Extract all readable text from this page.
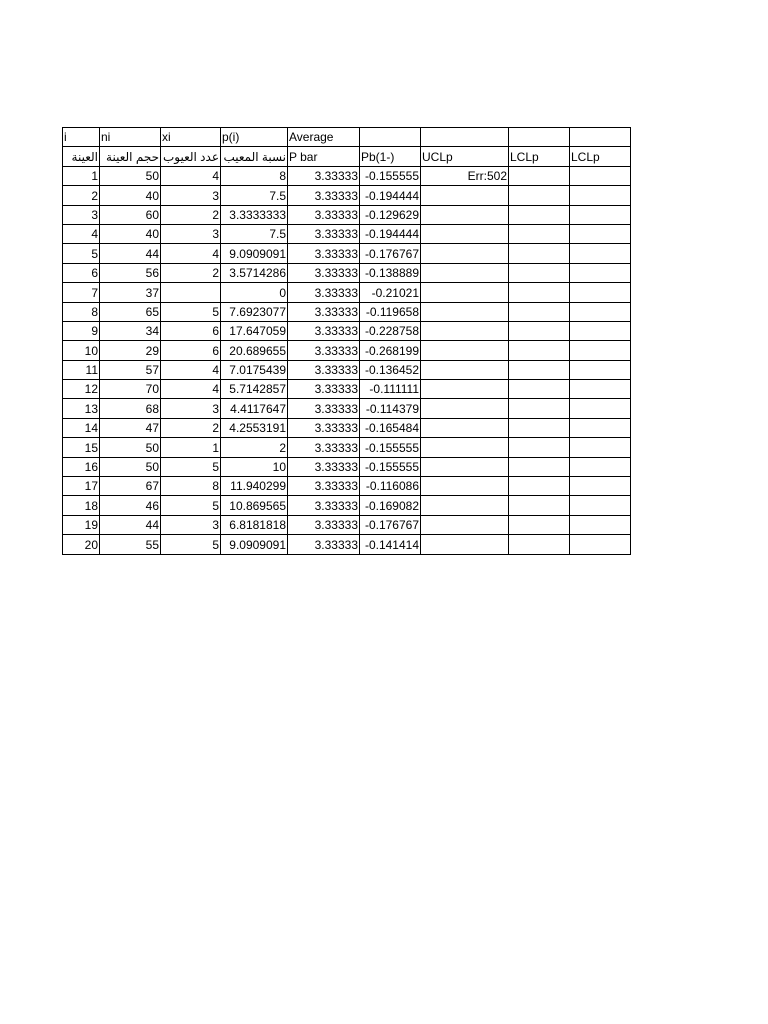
i	ni	xi	p(i)	Average				
العينة	حجم العينة	عدد العيوب	نسبة المعيب	P bar	Pb(1-)	UCLp	LCLp	LCLp
1	50	4	8	3.33333	-0.155555	Err:502		
2	40	3	7.5	3.33333	-0.194444			
3	60	2	3.3333333	3.33333	-0.129629			
4	40	3	7.5	3.33333	-0.194444			
5	44	4	9.0909091	3.33333	-0.176767			
6	56	2	3.5714286	3.33333	-0.138889			
7	37		0	3.33333	-0.21021			
8	65	5	7.6923077	3.33333	-0.119658			
9	34	6	17.647059	3.33333	-0.228758			
10	29	6	20.689655	3.33333	-0.268199			
11	57	4	7.0175439	3.33333	-0.136452			
12	70	4	5.7142857	3.33333	-0.111111			
13	68	3	4.4117647	3.33333	-0.114379			
14	47	2	4.2553191	3.33333	-0.165484			
15	50	1	2	3.33333	-0.155555			
16	50	5	10	3.33333	-0.155555			
17	67	8	11.940299	3.33333	-0.116086			
18	46	5	10.869565	3.33333	-0.169082			
19	44	3	6.8181818	3.33333	-0.176767			
20	55	5	9.0909091	3.33333	-0.141414			
